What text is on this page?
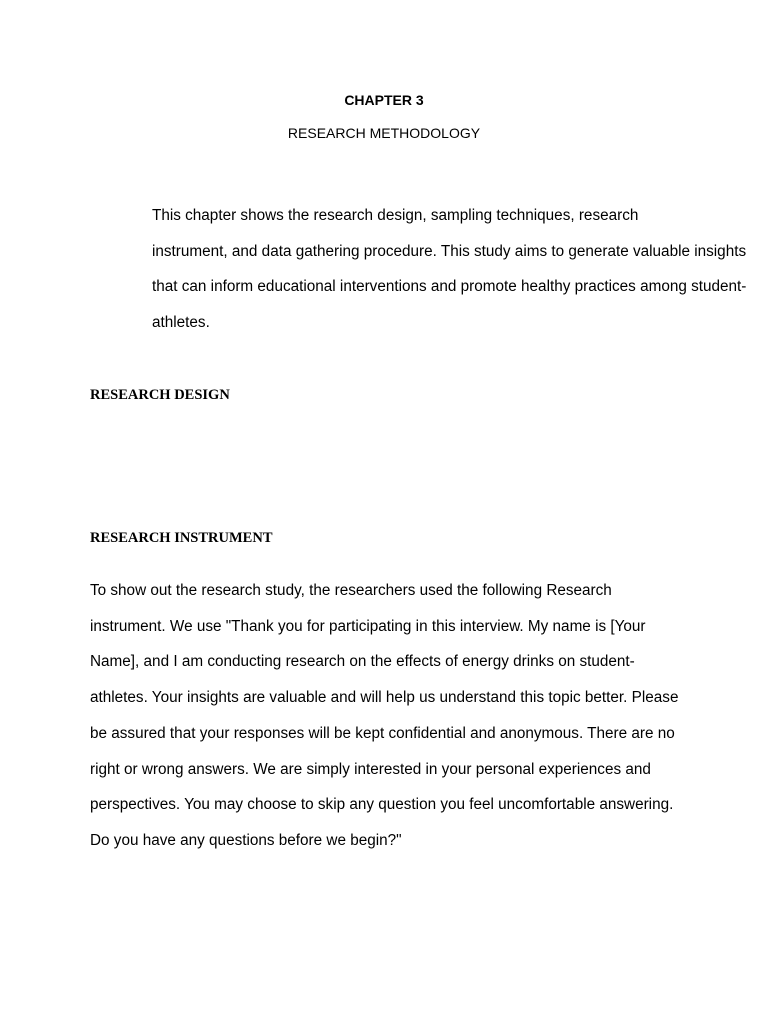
CHAPTER 3
RESEARCH METHODOLOGY

This chapter shows the research design, sampling techniques, research
instrument, and data gathering procedure. This study aims to generate valuable insights
that can inform educational interventions and promote healthy practices among student-
athletes.

RESEARCH DESIGN
RESEARCH INSTRUMENT

To show out the research study, the researchers used the following Research
instrument. We use "Thank you for participating in this interview. My name is [Your
Name], and I am conducting research on the effects of energy drinks on student-
athletes. Your insights are valuable and will help us understand this topic better. Please
be assured that your responses will be kept confidential and anonymous. There are no
right or wrong answers. We are simply interested in your personal experiences and
perspectives. You may choose to skip any question you feel uncomfortable answering.
Do you have any questions before we begin?"
